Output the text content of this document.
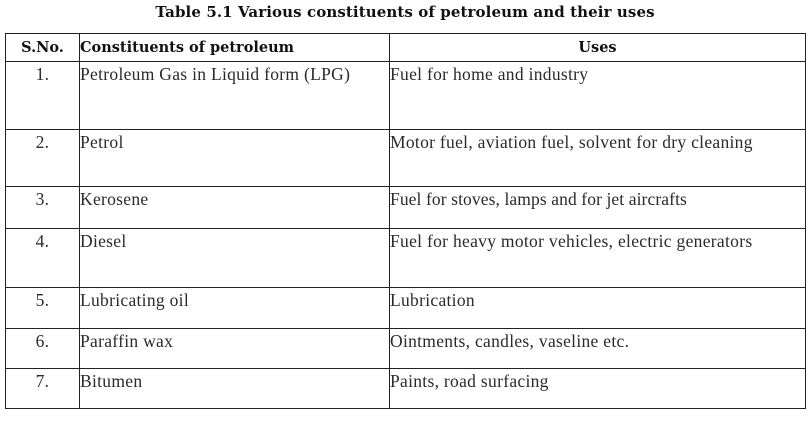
Table 5.1 Various constituents of petroleum and their uses
S.No.	Constituents of petroleum	Uses
1.	Petroleum Gas in Liquid form (LPG)	Fuel for home and industry
2.	Petrol	Motor fuel, aviation fuel, solvent for dry cleaning
3.	Kerosene	Fuel for stoves, lamps and for jet aircrafts
4.	Diesel	Fuel for heavy motor vehicles, electric generators
5.	Lubricating oil	Lubrication
6.	Paraffin wax	Ointments, candles, vaseline etc.
7.	Bitumen	Paints, road surfacing
